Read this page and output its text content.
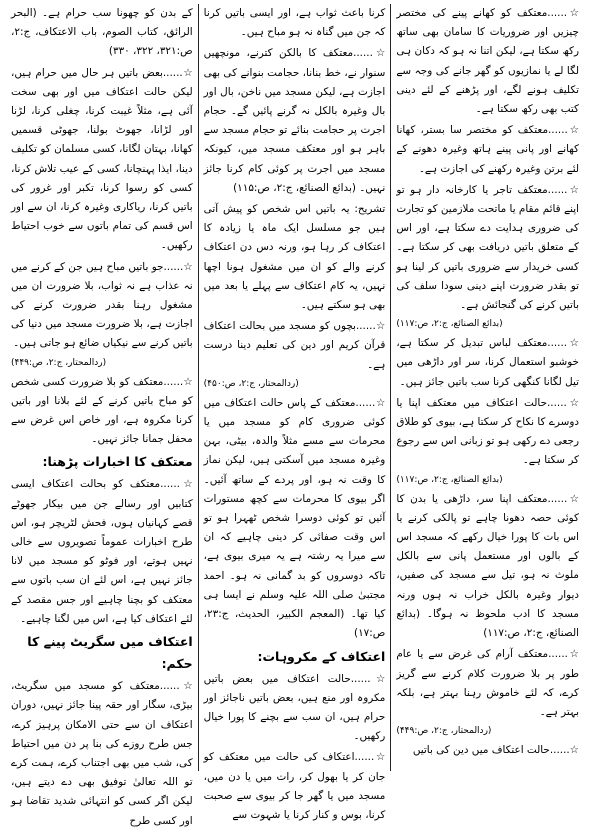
☆......معتکف کو کھانے پینے کی مختصر چیزیں اور ضروریات کا سامان بھی ساتھ رکھ سکتا ہے، لیکن اتنا نہ ہو کہ دکان ہی لگا لے یا نمازیوں کو گھر جانے کی وجہ سے تکلیف ہونے لگے، اور پڑھنے کے لئے دینی کتب بھی رکھ سکتا ہے۔

☆......معتکف کو مختصر سا بستر، کھانا کھانے اور پانی پینے ہاتھ وغیرہ دھونے کے لئے برتن وغیرہ رکھنے کی اجازت ہے۔

☆......معتکف تاجر یا کارخانہ دار ہو تو اپنے قائم مقام یا ماتحت ملازمین کو تجارت کی ضروری ہدایت دے سکتا ہے، اور اس کے متعلق باتیں دریافت بھی کر سکتا ہے۔ کسی خریدار سے ضروری باتیں کر لینا ہو تو بقدر ضرورت اپنے دینی سودا سلف کی باتیں کرنے کی گنجائش ہے۔

(بدائع الصنائع، ج:۲، ص:۱۱۷)

☆......معتکف لباس تبدیل کر سکتا ہے، خوشبو استعمال کرنا، سر اور داڑھی میں تیل لگانا کنگھی کرنا سب باتیں جائز ہیں۔

☆......حالت اعتکاف میں معتکف اپنا یا دوسرے کا نکاح کر سکتا ہے، بیوی کو طلاق رجعی دے رکھی ہو تو زبانی اس سے رجوع کر سکتا ہے۔

(بدائع الصنائع، ج:۲، ص:۱۱۷)

☆......معتکف اپنا سر، داڑھی یا بدن کا کوئی حصہ دھونا چاہے تو پالکی کرنے یا اس بات کا پورا خیال رکھے کہ مسجد اس کے بالوں اور مستعمل پانی سے بالکل ملوث نہ ہو، تیل سے مسجد کی صفیں، دیوار وغیرہ بالکل خراب نہ ہوں ورنہ مسجد کا ادب ملحوظ نہ ہوگا۔ (بدائع الصنائع، ج:۲، ص:۱۱۷)

☆......معتکف آرام کی غرض سے یا عام طور پر بلا ضرورت کلام کرنے سے گریز کرے، کہ لئے خاموش رہنا بہتر ہے، بلکہ بہتر ہے۔

(ردالمحتار، ج:۲، ص:۴۴۹)

☆......حالت اعتکاف میں دین کی باتیں

کرنا باعث ثواب ہے، اور ایسی باتیں کرنا کہ جن میں گناہ نہ ہو مباح ہیں۔

☆......معتکف کا بالکن کترنے، مونچھیں سنوار نے، خط بنانا، حجامت بنوانے کی بھی اجازت ہے، لیکن مسجد میں ناخن، بال اور بال وغیرہ بالکل نہ گرنے پائیں گے۔ حجام اجرت پر حجامت بنائے تو حجام مسجد سے باہر ہو اور معتکف مسجد میں، کیونکہ مسجد میں اجرت پر کوئی کام کرنا جائز نہیں۔ (بدائع الصنائع، ج:۲، ص:۱۱۵)

تشریح: یہ باتیں اس شخص کو پیش آتی ہیں جو مسلسل ایک ماہ یا زیادہ کا اعتکاف کر رہا ہو، ورنہ دس دن اعتکاف کرنے والے کو ان میں مشغول ہونا اچھا نہیں، یہ کام اعتکاف سے پہلے یا بعد میں بھی ہو سکتے ہیں۔

☆......بچوں کو مسجد میں بحالت اعتکاف قرآن کریم اور دین کی تعلیم دینا درست ہے۔

(ردالمحتار، ج:۲، ص:۴۵۰)

☆......معتکف کے پاس حالت اعتکاف میں کوئی ضروری کام کو مسجد میں یا محرمات سے مسے مثلاً والدہ، بیٹی، بہن وغیرہ مسجد میں آسکتی ہیں، لیکن نماز کا وقت نہ ہو، اور پردے کے ساتھ آئیں۔ اگر بیوی کا محرمات سے کچھ مستورات آئیں تو کوئی دوسرا شخص ٹھہرا ہو تو اس وقت صفائی کر دینی چاہیے کہ ان سے میرا یہ رشتہ ہے یہ میری بیوی ہے، تاکہ دوسروں کو بد گمانی نہ ہو۔ احمد مجتبیٰ صلی اللہ علیہ وسلم نے ایسا ہی کیا تھا۔ (المعجم الکبیر، الحدیث، ج:۲۳، ص:۱۷)

اعتکاف کے مکروہات:

☆......حالت اعتکاف میں بعض باتیں مکروہ اور منع ہیں، بعض باتیں ناجائز اور حرام ہیں، ان سب سے بچنے کا پورا خیال رکھیں۔

☆......اعتکاف کی حالت میں معتکف کو جان کر یا بھول کر، رات میں یا دن میں، مسجد میں یا گھر جا کر بیوی سے صحبت کرنا، بوس و کنار کرنا یا شہوت سے

کے بدن کو چھونا سب حرام ہے۔ (البحر الرائق، کتاب الصوم، باب الاعتکاف، ج:۲، ص:۳۲۱، ۳۲۲، ۳۳۰)

☆......بعض باتیں ہر حال میں حرام ہیں، لیکن حالت اعتکاف میں اور بھی سخت آئی ہے، مثلاً غیبت کرنا، چغلی کرنا، لڑنا اور لڑانا، جھوٹ بولنا، جھوٹی قسمیں کھانا، بہتان لگانا، کسی مسلمان کو تکلیف دینا، ایذا پہنچانا، کسی کے عیب تلاش کرنا، کسی کو رسوا کرنا، تکبر اور غرور کی باتیں کرنا، ریاکاری وغیرہ کرنا، ان سے اور اس قسم کی تمام باتوں سے خوب احتیاط رکھیں۔

☆......جو باتیں مباح ہیں جن کے کرنے میں نہ عذاب ہے نہ ثواب، بلا ضرورت ان میں مشغول رہنا بقدر ضرورت کرنے کی اجازت ہے، بلا ضرورت مسجد میں دنیا کی باتیں کرنے سے نیکیاں ضائع ہو جاتی ہیں۔

(ردالمحتار، ج:۲، ص:۴۴۹)

☆......معتکف کو بلا ضرورت کسی شخص کو مباح باتیں کرنے کے لئے بلانا اور باتیں کرنا مکروہ ہے، اور خاص اس غرض سے محفل جمانا جائز نہیں۔

معتکف کا اخبارات پڑھنا:

☆......معتکف کو بحالت اعتکاف ایسی کتابیں اور رسالے جن میں بیکار جھوٹے قصے کہانیاں ہوں، فحش لٹریچر ہو، اس طرح اخبارات عموماً تصویروں سے خالی نہیں ہوتے، اور فوٹو کو مسجد میں لانا جائز نہیں ہے، اس لئے ان سب باتوں سے معتکف کو بچنا چاہیے اور جس مقصد کے لئے اعتکاف کیا ہے، اس میں لگنا چاہیے۔

اعتکاف میں سگریٹ پینے کا حکم:

☆......معتکف کو مسجد میں سگریٹ، بیڑی، سگار اور حقہ پینا جائز نہیں، دوران اعتکاف ان سے حتی الامکان پرہیز کرے، جس طرح روزے کی بنا پر دن میں احتیاط کی، شب میں بھی اجتناب کرے، ہمت کرے تو اللہ تعالیٰ توفیق بھی دے دیتے ہیں، لیکن اگر کسی کو انتہائی شدید تقاضا ہو اور کسی طرح
